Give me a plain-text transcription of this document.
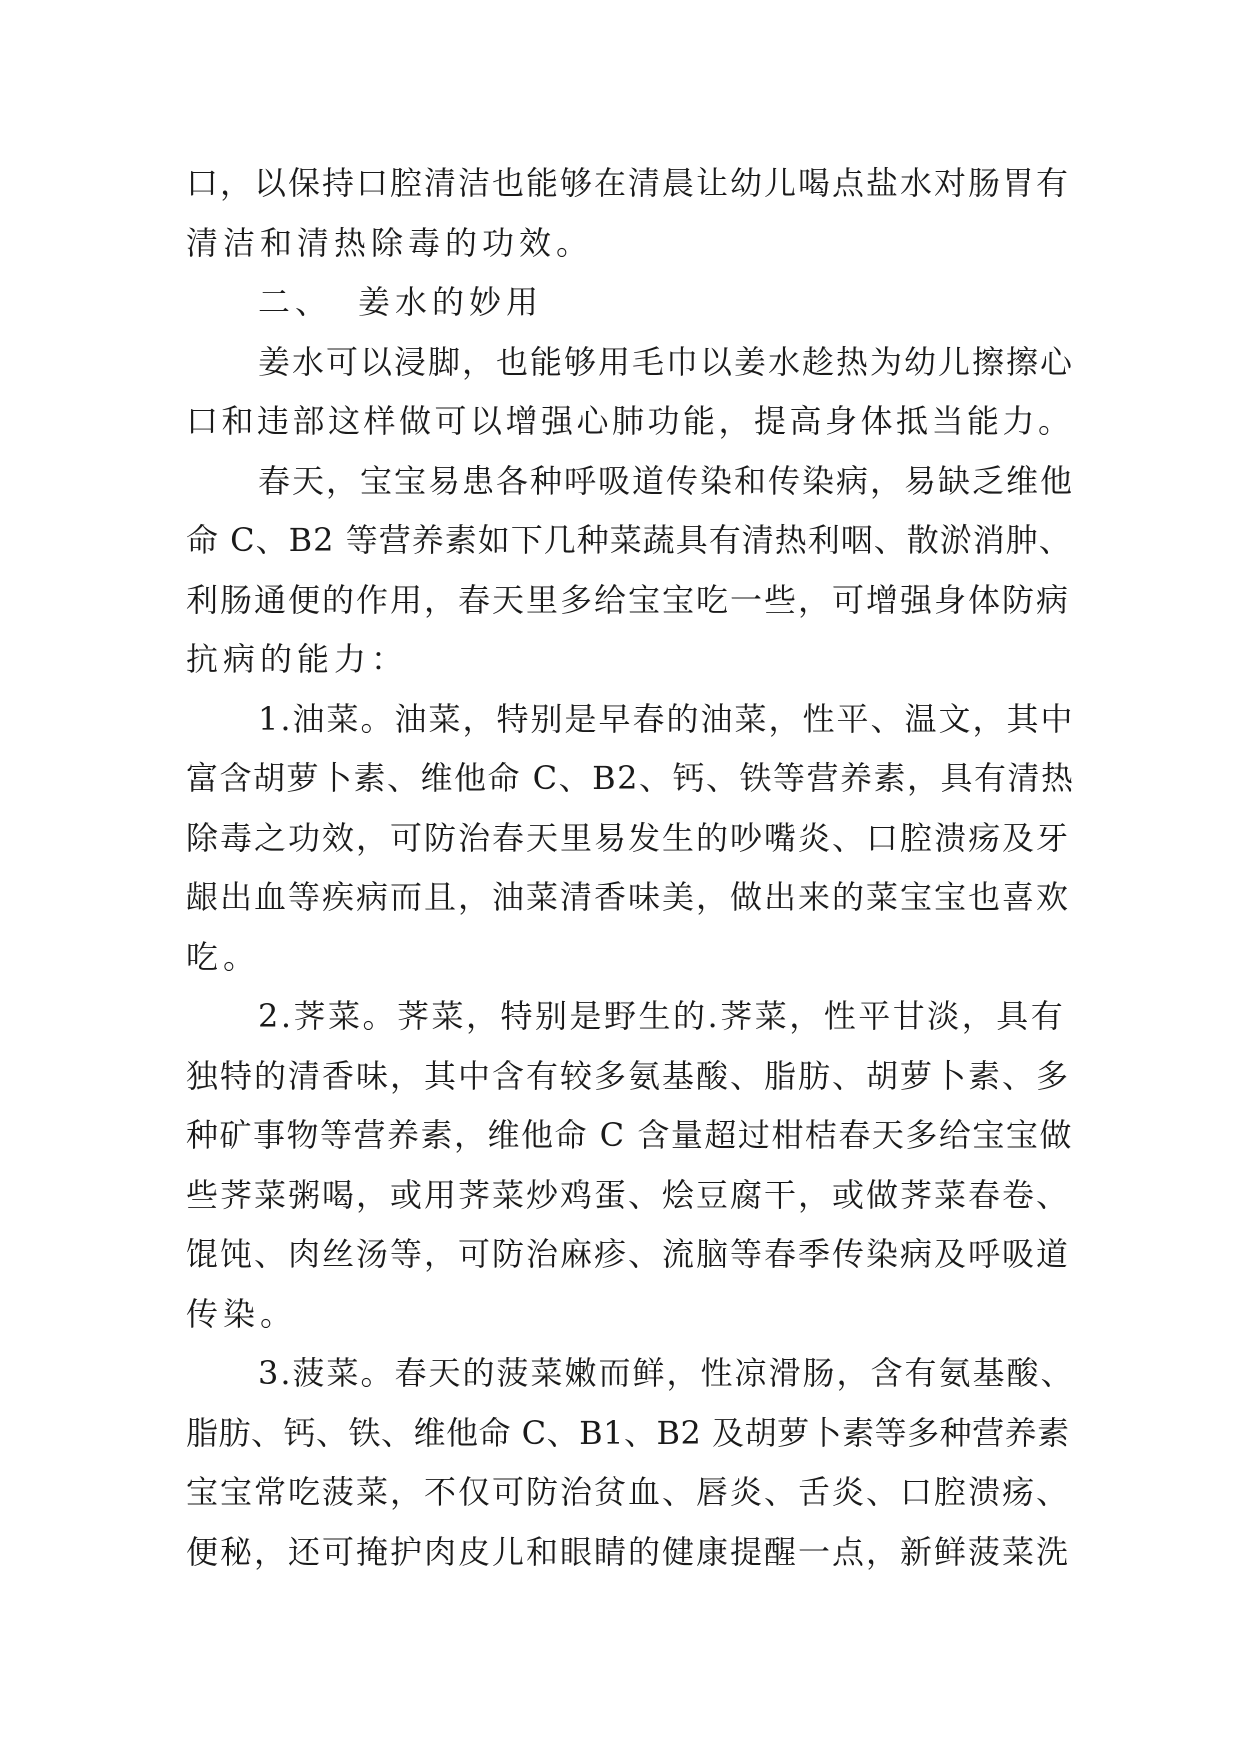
口，以保持口腔清洁也能够在清晨让幼儿喝点盐水对肠胃有
清洁和清热除毒的功效。
二、 姜水的妙用
姜水可以浸脚，也能够用毛巾以姜水趁热为幼儿擦擦心
口和违部这样做可以增强心肺功能，提高身体抵当能力。
春天，宝宝易患各种呼吸道传染和传染病，易缺乏维他
命 C、B2 等营养素如下几种菜蔬具有清热利咽、散淤消肿、
利肠通便的作用，春天里多给宝宝吃一些，可增强身体防病
抗病的能力：
1.油菜。油菜，特别是早春的油菜，性平、温文，其中
富含胡萝卜素、维他命 C、B2、钙、铁等营养素，具有清热
除毒之功效，可防治春天里易发生的吵嘴炎、口腔溃疡及牙
龈出血等疾病而且，油菜清香味美，做出来的菜宝宝也喜欢
吃。
2.荠菜。荠菜，特别是野生的.荠菜，性平甘淡，具有
独特的清香味，其中含有较多氨基酸、脂肪、胡萝卜素、多
种矿事物等营养素，维他命 C 含量超过柑桔春天多给宝宝做
些荠菜粥喝，或用荠菜炒鸡蛋、烩豆腐干，或做荠菜春卷、
馄饨、肉丝汤等，可防治麻疹、流脑等春季传染病及呼吸道
传染。
3.菠菜。春天的菠菜嫩而鲜，性凉滑肠，含有氨基酸、
脂肪、钙、铁、维他命 C、B1、B2 及胡萝卜素等多种营养素
宝宝常吃菠菜，不仅可防治贫血、唇炎、舌炎、口腔溃疡、
便秘，还可掩护肉皮儿和眼睛的健康提醒一点，新鲜菠菜洗
